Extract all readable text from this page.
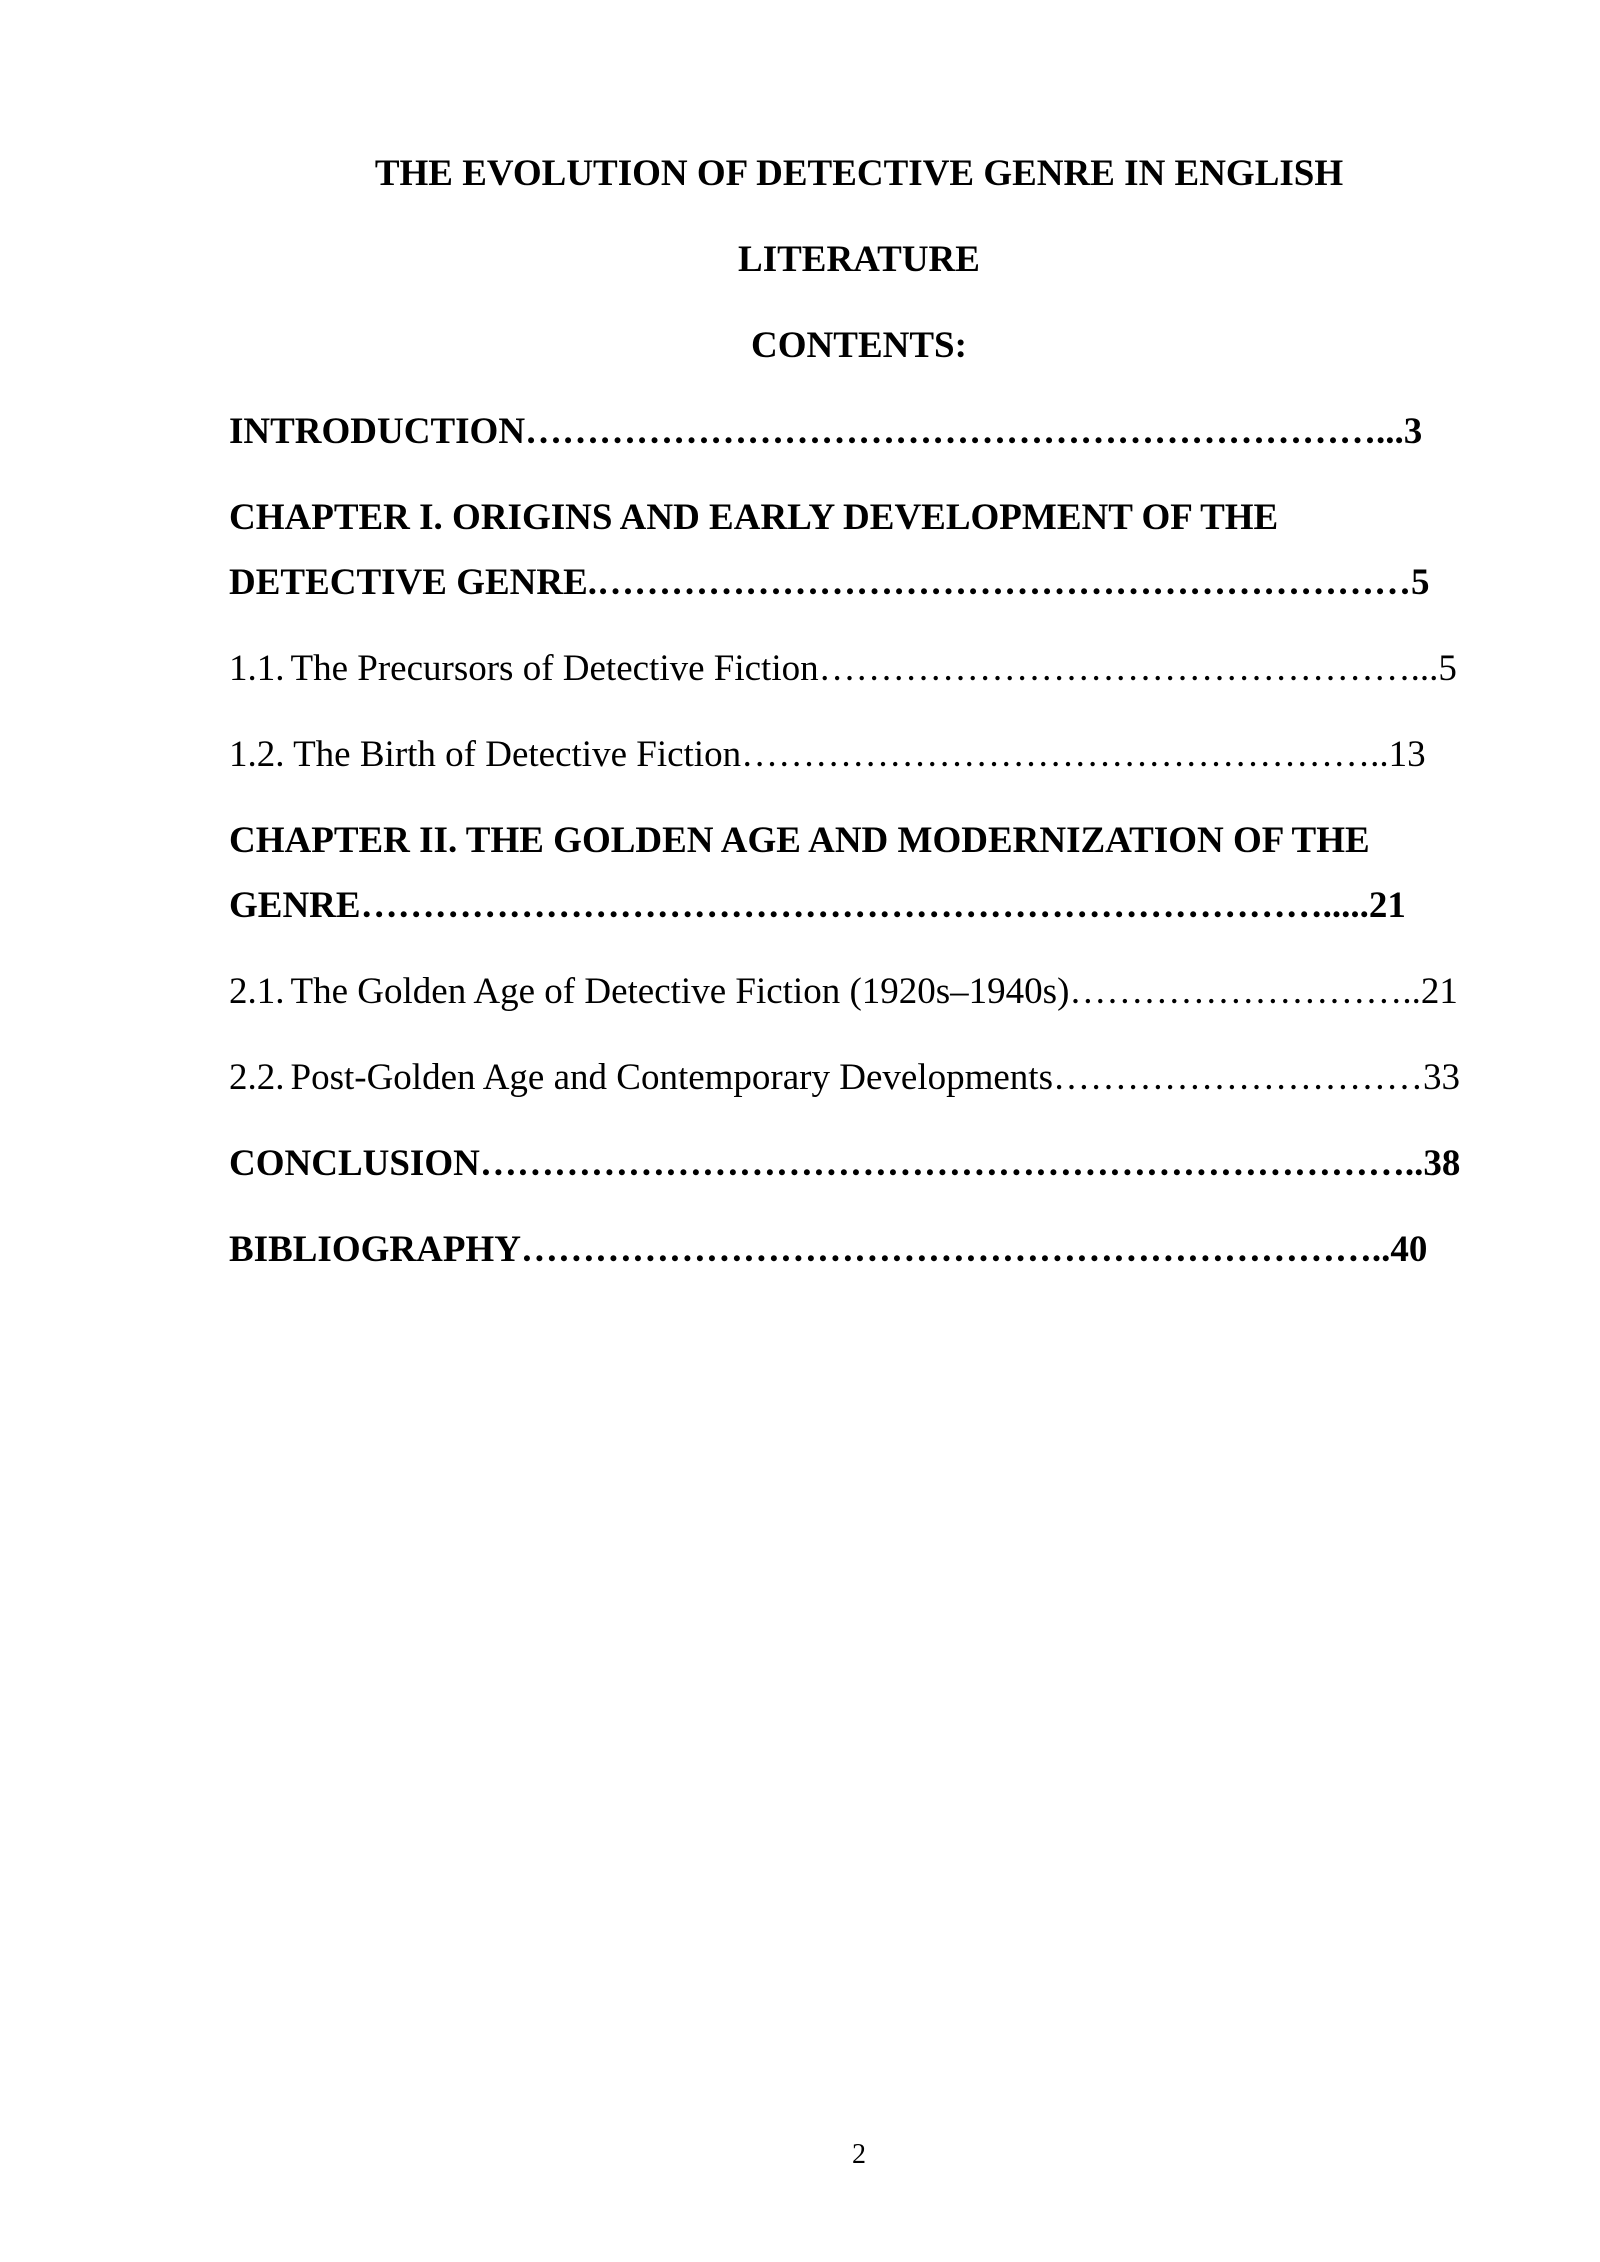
THE EVOLUTION OF DETECTIVE GENRE IN ENGLISH
LITERATURE
CONTENTS:
INTRODUCTION……………………………………………………………...3
CHAPTER I. ORIGINS AND EARLY DEVELOPMENT OF THE
DETECTIVE GENRE.…………………………………………………………5
1.1. The Precursors of Detective Fiction…………………………………………...5
1.2. The Birth of Detective Fiction……………………………………………..13
CHAPTER II. THE GOLDEN AGE AND MODERNIZATION OF THE
GENRE…………………………………………………………………….....21
2.1. The Golden Age of Detective Fiction (1920s–1940s)………………………..21
2.2. Post-Golden Age and Contemporary Developments…………………………33
CONCLUSION…………………………………………………………………..38
BIBLIOGRAPHY……………………………………………………………..40
2
